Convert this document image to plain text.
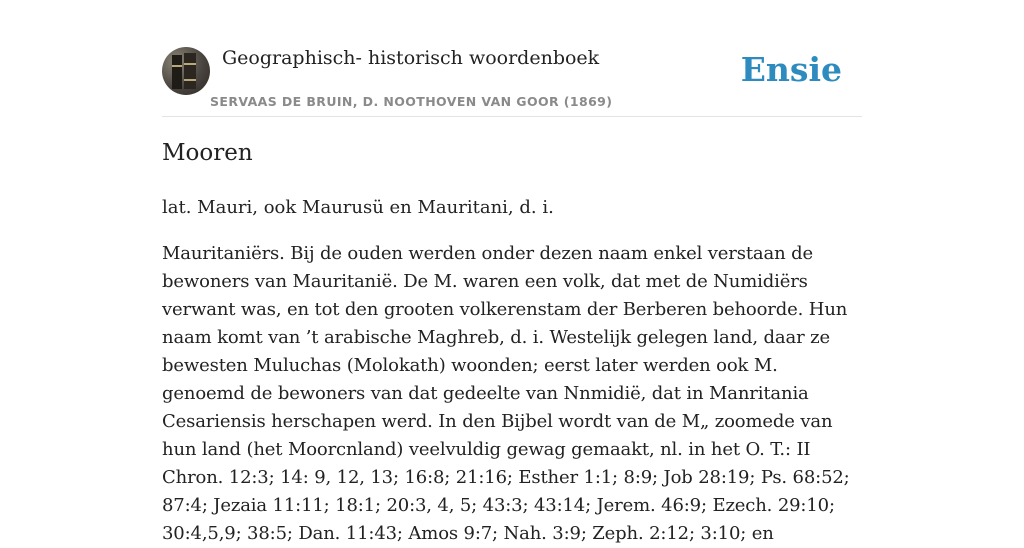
Geographisch- historisch woordenboek
SERVAAS DE BRUIN, D. NOOTHOVEN VAN GOOR (1869)
Ensie
Mooren

lat. Mauri, ook Maurusü en Mauritani, d. i.

Mauritaniërs. Bij de ouden werden onder dezen naam enkel verstaan de bewoners van Mauritanië. De M. waren een volk, dat met de Numidiërs verwant was, en tot den grooten volkerenstam der Berberen behoorde. Hun naam komt van ’t arabische Maghreb, d. i. Westelijk gelegen land, daar ze bewesten Muluchas (Molokath) woonden; eerst later werden ook M. genoemd de bewoners van dat gedeelte van Nnmidië, dat in Manritania Cesariensis herschapen werd. In den Bijbel wordt van de M„ zoomede van hun land (het Moorcnland) veelvuldig gewag gemaakt, nl. in het O. T.: II Chron. 12:3; 14: 9, 12, 13; 16:8; 21:16; Esther 1:1; 8:9; Job 28:19; Ps. 68:52; 87:4; Jezaia 11:11; 18:1; 20:3, 4, 5; 43:3; 43:14; Jerem. 46:9; Ezech. 29:10; 30:4,5,9; 38:5; Dan. 11:43; Amos 9:7; Nah. 3:9; Zeph. 2:12; 3:10; en
